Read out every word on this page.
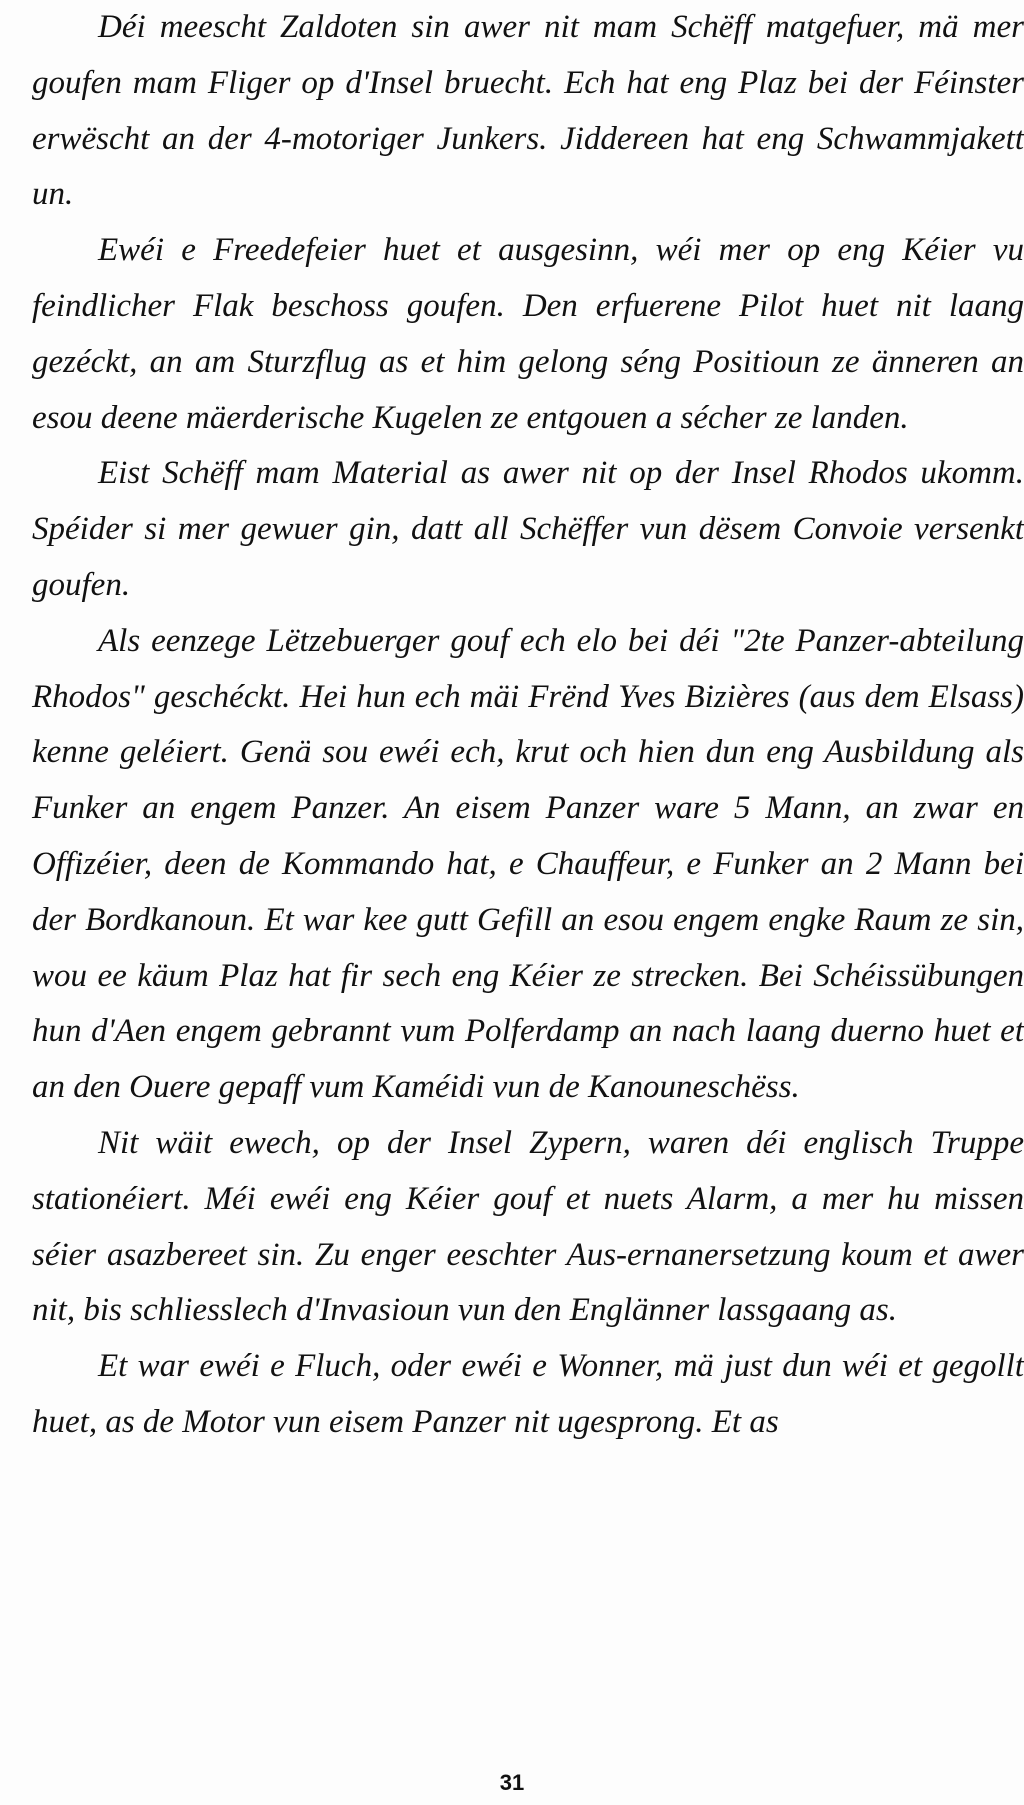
Déi meescht Zaldoten sin awer nit mam Schëff matgefuer, mä mer goufen mam Fliger op d'Insel bruecht. Ech hat eng Plaz bei der Féinster erwëscht an der 4-motoriger Junkers. Jiddereen hat eng Schwammjakett un.

Ewéi e Freedefeier huet et ausgesinn, wéi mer op eng Kéier vu feindlicher Flak beschoss goufen. Den erfuerene Pilot huet nit laang gezéckt, an am Sturzflug as et him gelong séng Positioun ze änneren an esou deene mäerderische Kugelen ze entgouen a sécher ze landen.

Eist Schëff mam Material as awer nit op der Insel Rhodos ukomm. Spéider si mer gewuer gin, datt all Schëffer vun dësem Convoie versenkt goufen.

Als eenzege Lëtzebuerger gouf ech elo bei déi "2te Panzer-abteilung Rhodos" geschéckt. Hei hun ech mäi Frënd Yves Bizières (aus dem Elsass) kenne geléiert. Genä sou ewéi ech, krut och hien dun eng Ausbildung als Funker an engem Panzer. An eisem Panzer ware 5 Mann, an zwar en Offizéier, deen de Kommando hat, e Chauffeur, e Funker an 2 Mann bei der Bordkanoun. Et war kee gutt Gefill an esou engem engke Raum ze sin, wou ee käum Plaz hat fir sech eng Kéier ze strecken. Bei Schéissübungen hun d'Aen engem gebrannt vum Polferdamp an nach laang duerno huet et an den Ouere gepaff vum Kaméidi vun de Kanouneschëss.

Nit wäit ewech, op der Insel Zypern, waren déi englisch Truppe stationéiert. Méi ewéi eng Kéier gouf et nuets Alarm, a mer hu missen séier asazbereet sin. Zu enger eeschter Aus-ernanersetzung koum et awer nit, bis schliesslech d'Invasioun vun den Englänner lassgaang as.

Et war ewéi e Fluch, oder ewéi e Wonner, mä just dun wéi et gegollt huet, as de Motor vun eisem Panzer nit ugesprong. Et as

31
